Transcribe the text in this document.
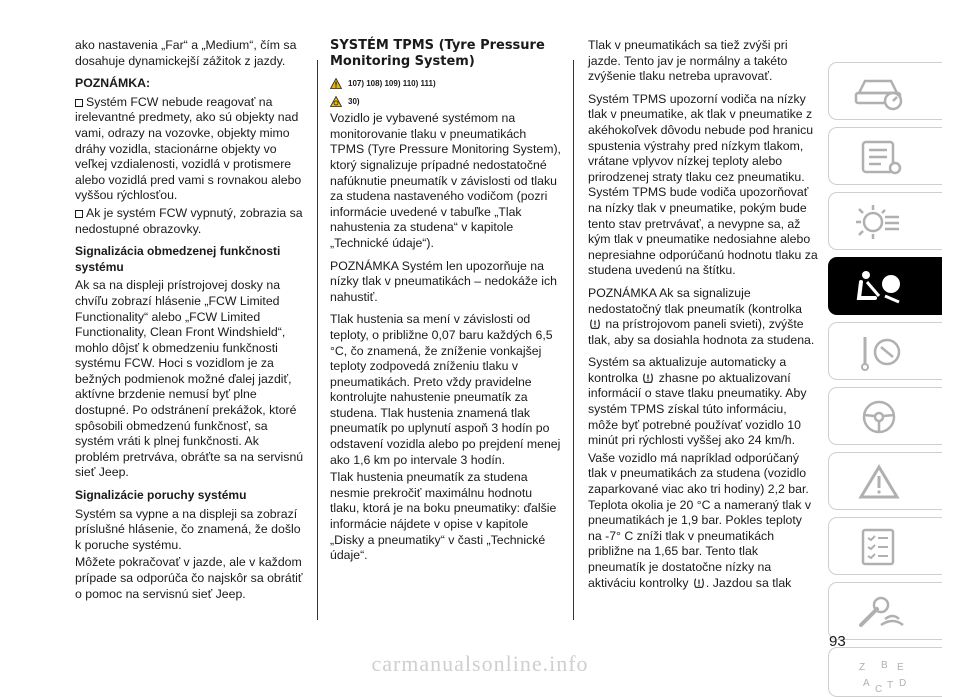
ako nastavenia „Far“ a „Medium“, čím sa dosahuje dynamickejší zážitok z jazdy.

POZNÁMKA:

Systém FCW nebude reagovať na irelevantné predmety, ako sú objekty nad vami, odrazy na vozovke, objekty mimo dráhy vozidla, stacionárne objekty vo veľkej vzdialenosti, vozidlá v protismere alebo vozidlá pred vami s rovnakou alebo vyššou rýchlosťou.

Ak je systém FCW vypnutý, zobrazia sa nedostupné obrazovky.

Signalizácia obmedzenej funkčnosti systému

Ak sa na displeji prístrojovej dosky na chvíľu zobrazí hlásenie „FCW Limited Functionality“ alebo „FCW Limited Functionality, Clean Front Windshield“, mohlo dôjsť k obmedzeniu funkčnosti systému FCW. Hoci s vozidlom je za bežných podmienok možné ďalej jazdiť, aktívne brzdenie nemusí byť plne dostupné. Po odstránení prekážok, ktoré spôsobili obmedzenú funkčnosť, sa systém vráti k plnej funkčnosti. Ak problém pretrváva, obráťte sa na servisnú sieť Jeep.

Signalizácie poruchy systému

Systém sa vypne a na displeji sa zobrazí príslušné hlásenie, čo znamená, že došlo k poruche systému.

Môžete pokračovať v jazde, ale v každom prípade sa odporúča čo najskôr sa obrátiť o pomoc na servisnú sieť Jeep.

SYSTÉM TPMS (Tyre Pressure Monitoring System)

107) 108) 109) 110) 111)
30)

Vozidlo je vybavené systémom na monitorovanie tlaku v pneumatikách TPMS (Tyre Pressure Monitoring System), ktorý signalizuje prípadné nedostatočné nafúknutie pneumatík v závislosti od tlaku za studena nastaveného vodičom (pozri informácie uvedené v tabuľke „Tlak nahustenia za studena“ v kapitole „Technické údaje“).

POZNÁMKA Systém len upozorňuje na nízky tlak v pneumatikách – nedokáže ich nahustiť.

Tlak hustenia sa mení v závislosti od teploty, o približne 0,07 baru každých 6,5 °C, čo znamená, že zníženie vonkajšej teploty zodpovedá zníženiu tlaku v pneumatikách. Preto vždy pravidelne kontrolujte nahustenie pneumatík za studena. Tlak hustenia znamená tlak pneumatík po uplynutí aspoň 3 hodín po odstavení vozidla alebo po prejdení menej ako 1,6 km po intervale 3 hodín.

Tlak hustenia pneumatík za studena nesmie prekročiť maximálnu hodnotu tlaku, ktorá je na boku pneumatiky: ďalšie informácie nájdete v opise v kapitole „Disky a pneumatiky“ v časti „Technické údaje“.

Tlak v pneumatikách sa tiež zvýši pri jazde. Tento jav je normálny a takéto zvýšenie tlaku netreba upravovať.

Systém TPMS upozorní vodiča na nízky tlak v pneumatike, ak tlak v pneumatike z akéhokoľvek dôvodu nebude pod hranicu spustenia výstrahy pred nízkym tlakom, vrátane vplyvov nízkej teploty alebo prirodzenej straty tlaku cez pneumatiku. Systém TPMS bude vodiča upozorňovať na nízky tlak v pneumatike, pokým bude tento stav pretrvávať, a nevypne sa, až kým tlak v pneumatike nedosiahne alebo nepresiahne odporúčanú hodnotu tlaku za studena uvedenú na štítku.

POZNÁMKA Ak sa signalizuje nedostatočný tlak pneumatík (kontrolka  na prístrojovom paneli svieti), zvýšte tlak, aby sa dosiahla hodnota za studena.

Systém sa aktualizuje automaticky a kontrolka zhasne po aktualizovaní informácií o stave tlaku pneumatiky. Aby systém TPMS získal túto informáciu, môže byť potrebné používať vozidlo 10 minút pri rýchlosti vyššej ako 24 km/h.

Vaše vozidlo má napríklad odporúčaný tlak v pneumatikách za studena (vozidlo zaparkované viac ako tri hodiny) 2,2 bar. Teplota okolia je 20 °C a nameraný tlak v pneumatikách je 1,9 bar. Pokles teploty na -7° C zníži tlak v pneumatikách približne na 1,65 bar. Tento tlak pneumatík je dostatočne nízky na aktiváciu kontrolky . Jazdou sa tlak

Z B E
A
C T D
93
carmanualsonline.info
